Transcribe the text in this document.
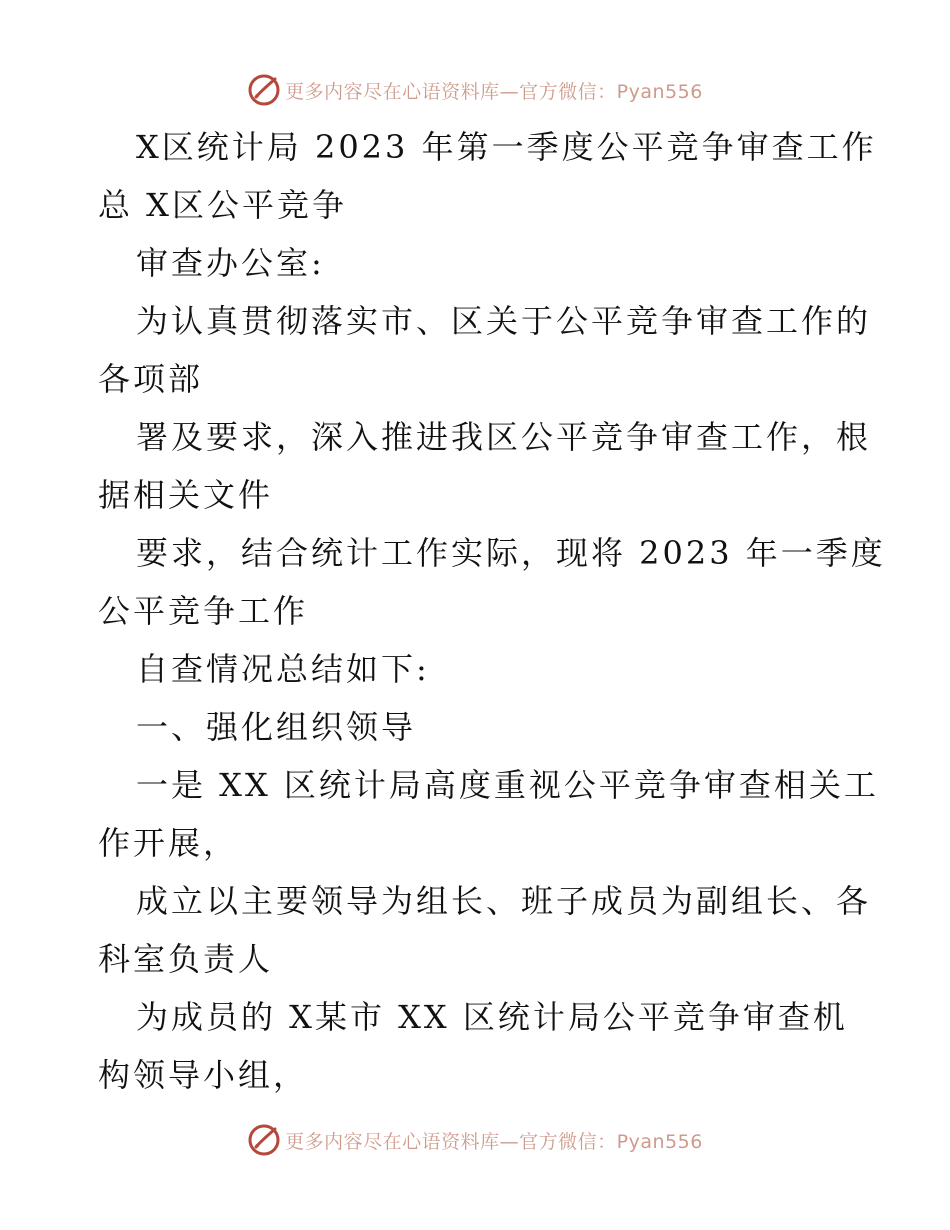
更多内容尽在心语资料库—官方微信：Pyan556
X区统计局 2023 年第一季度公平竞争审查工作
总 X区公平竞争
审查办公室:
为认真贯彻落实市、区关于公平竞争审查工作的
各项部
署及要求，深入推进我区公平竞争审查工作，根
据相关文件
要求，结合统计工作实际，现将 2023 年一季度
公平竞争工作
自查情况总结如下:
一、强化组织领导
一是 XX 区统计局高度重视公平竞争审查相关工
作开展，
成立以主要领导为组长、班子成员为副组长、各
科室负责人
为成员的 X某市 XX 区统计局公平竞争审查机
构领导小组，
更多内容尽在心语资料库—官方微信：Pyan556
